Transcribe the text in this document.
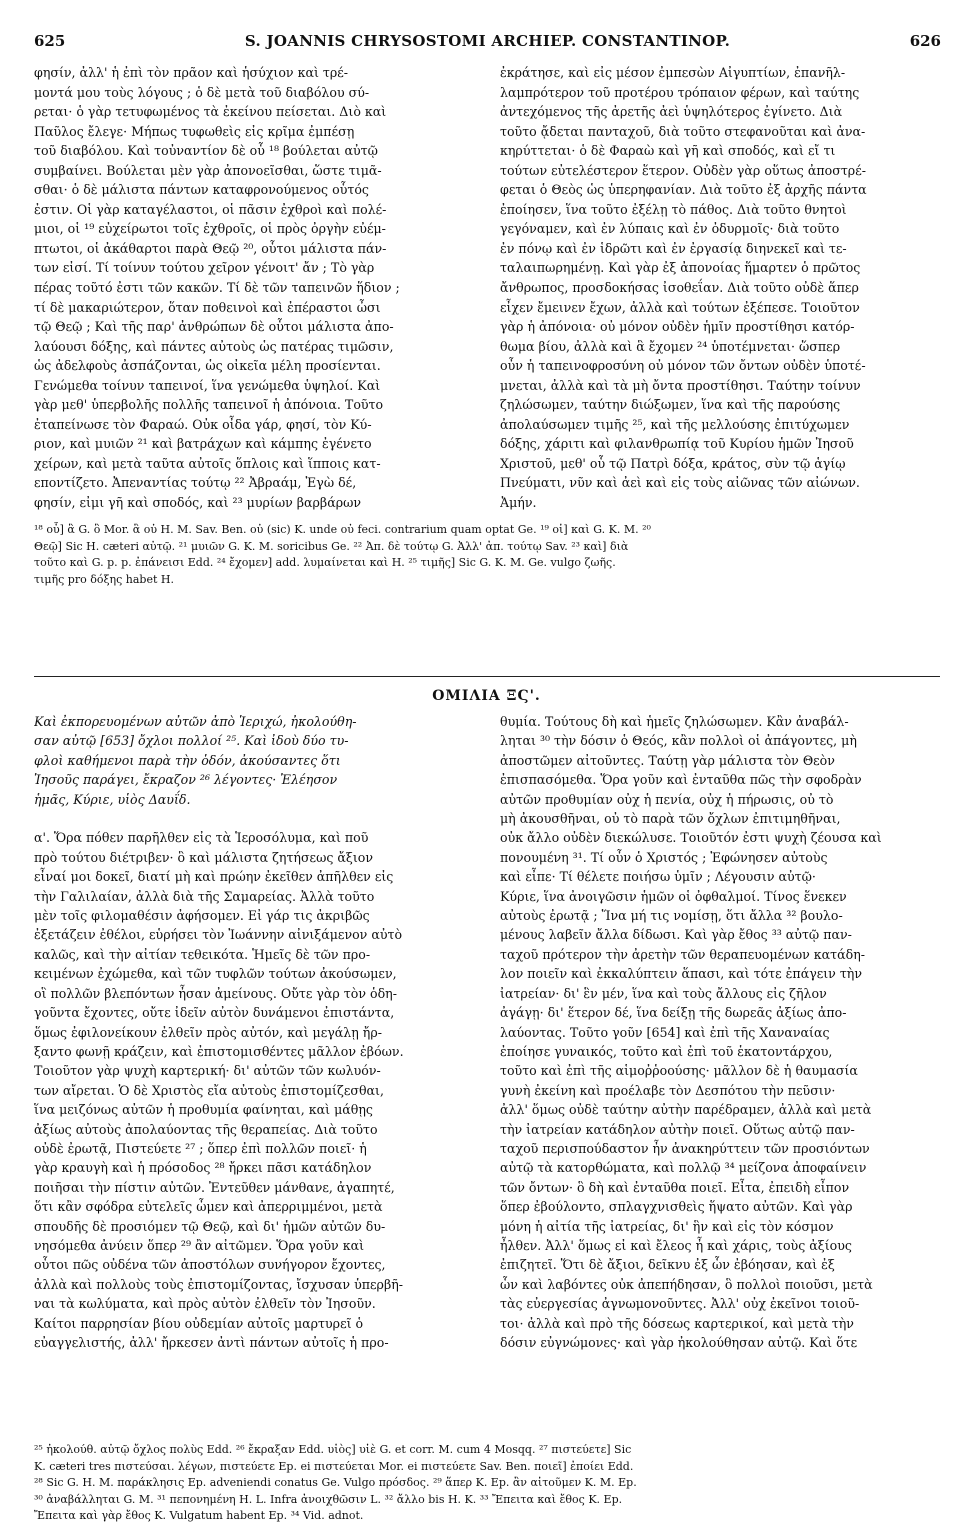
625	S. JOANNIS CHRYSOSTOMI ARCHIEP. CONSTANTINOP.	626

φησίν, ἀλλ' ἡ ἐπὶ τὸν πρᾶον καὶ ἡσύχιον καὶ τρέ-

μοντά μου τοὺς λόγους ; ὁ δὲ μετὰ τοῦ διαβόλου σύ-

ρεται· ὁ γὰρ τετυφωμένος τὰ ἐκείνου πείσεται. Διὸ καὶ

Παῦλος ἔλεγε· Μήπως τυφωθεὶς εἰς κρῖμα ἐμπέσῃ

τοῦ διαβόλου. Καὶ τοὐναντίον δὲ οὗ ¹⁸ βούλεται αὐτῷ

συμβαίνει. Βούλεται μὲν γὰρ ἀπονοεῖσθαι, ὥστε τιμᾶ-

σθαι· ὁ δὲ μάλιστα πάντων καταφρονούμενος οὗτός

ἐστιν. Οἱ γὰρ καταγέλαστοι, οἱ πᾶσιν ἐχθροὶ καὶ πολέ-

μιοι, οἱ ¹⁹ εὐχείρωτοι τοῖς ἐχθροῖς, οἱ πρὸς ὀργὴν εὐέμ-

πτωτοι, οἱ ἀκάθαρτοι παρὰ Θεῷ ²⁰, οὗτοι μάλιστα πάν-

των εἰσί. Τί τοίνυν τούτου χεῖρον γένοιτ' ἄν ; Τὸ γὰρ

πέρας τοῦτό ἐστι τῶν κακῶν. Τί δὲ τῶν ταπεινῶν ἥδιον ;

τί δὲ μακαριώτερον, ὅταν ποθεινοὶ καὶ ἐπέραστοι ὦσι

τῷ Θεῷ ; Καὶ τῆς παρ' ἀνθρώπων δὲ οὗτοι μάλιστα ἀπο-

λαύουσι δόξης, καὶ πάντες αὐτοὺς ὡς πατέρας τιμῶσιν,

ὡς ἀδελφοὺς ἀσπάζονται, ὡς οἰκεῖα μέλη προσίενται.

Γενώμεθα τοίνυν ταπεινοί, ἵνα γενώμεθα ὑψηλοί. Καὶ

γὰρ μεθ' ὑπερβολῆς πολλῆς ταπεινοῖ ἡ ἀπόνοια. Τοῦτο

ἐταπείνωσε τὸν Φαραώ. Οὐκ οἶδα γάρ, φησί, τὸν Κύ-

ριον, καὶ μυιῶν ²¹ καὶ βατράχων καὶ κάμπης ἐγένετο

χείρων, καὶ μετὰ ταῦτα αὐτοῖς ὅπλοις καὶ ἵπποις κατ-

εποντίζετο. Ἀπεναντίας τούτῳ ²² Ἀβραάμ, Ἐγὼ δέ,

φησίν, εἰμι γῆ καὶ σποδός, καὶ ²³ μυρίων βαρβάρων

ἐκράτησε, καὶ εἰς μέσον ἐμπεσὼν Αἰγυπτίων, ἐπανῆλ-

λαμπρότερον τοῦ προτέρου τρόπαιον φέρων, καὶ ταύτης

ἀντεχόμενος τῆς ἀρετῆς ἀεὶ ὑψηλότερος ἐγίνετο. Διὰ

τοῦτο ᾄδεται πανταχοῦ, διὰ τοῦτο στεφανοῦται καὶ ἀνα-

κηρύττεται· ὁ δὲ Φαραὼ καὶ γῆ καὶ σποδός, καὶ εἴ τι

τούτων εὐτελέστερον ἕτερον. Οὐδὲν γὰρ οὕτως ἀποστρέ-

φεται ὁ Θεὸς ὡς ὑπερηφανίαν. Διὰ τοῦτο ἐξ ἀρχῆς πάντα

ἐποίησεν, ἵνα τοῦτο ἐξέλῃ τὸ πάθος. Διὰ τοῦτο θνητοὶ

γεγόναμεν, καὶ ἐν λύπαις καὶ ἐν ὀδυρμοῖς· διὰ τοῦτο

ἐν πόνῳ καὶ ἐν ἱδρῶτι καὶ ἐν ἐργασίᾳ διηνεκεῖ καὶ τε-

ταλαιπωρημένῃ. Καὶ γὰρ ἐξ ἀπονοίας ἥμαρτεν ὁ πρῶτος

ἄνθρωπος, προσδοκήσας ἰσοθεΐαν. Διὰ τοῦτο οὐδὲ ἅπερ

εἶχεν ἔμεινεν ἔχων, ἀλλὰ καὶ τούτων ἐξέπεσε. Τοιοῦτον

γὰρ ἡ ἀπόνοια· οὐ μόνον οὐδὲν ἡμῖν προστίθησι κατόρ-

θωμα βίου, ἀλλὰ καὶ ἃ ἔχομεν ²⁴ ὑποτέμνεται· ὥσπερ

οὖν ἡ ταπεινοφροσύνη οὐ μόνον τῶν ὄντων οὐδὲν ὑποτέ-

μνεται, ἀλλὰ καὶ τὰ μὴ ὄντα προστίθησι. Ταύτην τοίνυν

ζηλώσωμεν, ταύτην διώξωμεν, ἵνα καὶ τῆς παρούσης

ἀπολαύσωμεν τιμῆς ²⁵, καὶ τῆς μελλούσης ἐπιτύχωμεν

δόξης, χάριτι καὶ φιλανθρωπίᾳ τοῦ Κυρίου ἡμῶν Ἰησοῦ

Χριστοῦ, μεθ' οὗ τῷ Πατρὶ δόξα, κράτος, σὺν τῷ ἁγίῳ

Πνεύματι, νῦν καὶ ἀεὶ καὶ εἰς τοὺς αἰῶνας τῶν αἰώνων.

Ἀμήν.

¹⁸ οὗ] ἃ G. ὃ Mor. ἃ οὐ H. M. Sav. Ben. οὐ (sic) K. unde οὐ feci. contrarium quam optat Ge. ¹⁹ οἱ] καὶ G. K. M. ²⁰

Θεῷ] Sic H. cæteri αὐτῷ. ²¹ μυιῶν G. K. M. soricibus Ge. ²² Ἀπ. δὲ τούτῳ G. Ἀλλ' ἀπ. τούτῳ Sav. ²³ καὶ] διὰ

τοῦτο καὶ G. p. p. ἐπάνεισι Edd. ²⁴ ἔχομεν] add. λυμαίνεται καὶ H. ²⁵ τιμῆς] Sic G. K. M. Ge. vulgo ζωῆς.

τιμῆς pro δόξης habet H.

ΟΜΙΛΙΑ ΞϚ'.

Καὶ ἐκπορευομένων αὐτῶν ἀπὸ Ἱεριχώ, ἠκολούθη-

σαν αὐτῷ [653] ὄχλοι πολλοί ²⁵. Καὶ ἰδοὺ δύο τυ-

φλοὶ καθήμενοι παρὰ τὴν ὁδόν, ἀκούσαντες ὅτι

Ἰησοῦς παράγει, ἔκραζον ²⁶ λέγοντες· Ἐλέησον

ἡμᾶς, Κύριε, υἱὸς Δαυΐδ.

α'. Ὅρα πόθεν παρῆλθεν εἰς τὰ Ἱεροσόλυμα, καὶ ποῦ

πρὸ τούτου διέτριβεν· ὃ καὶ μάλιστα ζητήσεως ἄξιον

εἶναί μοι δοκεῖ, διατί μὴ καὶ πρώην ἐκεῖθεν ἀπῆλθεν εἰς

τὴν Γαλιλαίαν, ἀλλὰ διὰ τῆς Σαμαρείας. Ἀλλὰ τοῦτο

μὲν τοῖς φιλομαθέσιν ἀφήσομεν. Εἰ γάρ τις ἀκριβῶς

ἐξετάζειν ἐθέλοι, εὑρήσει τὸν Ἰωάννην αἰνιξάμενον αὐτὸ

καλῶς, καὶ τὴν αἰτίαν τεθεικότα. Ἡμεῖς δὲ τῶν προ-

κειμένων ἐχώμεθα, καὶ τῶν τυφλῶν τούτων ἀκούσωμεν,

οἳ πολλῶν βλεπόντων ἦσαν ἀμείνους. Οὔτε γὰρ τὸν ὁδη-

γοῦντα ἔχοντες, οὔτε ἰδεῖν αὐτὸν δυνάμενοι ἐπιστάντα,

ὅμως ἐφιλονείκουν ἐλθεῖν πρὸς αὐτόν, καὶ μεγάλῃ ἤρ-

ξαντο φωνῇ κράζειν, καὶ ἐπιστομισθέντες μᾶλλον ἐβόων.

Τοιοῦτον γὰρ ψυχὴ καρτερική· δι' αὐτῶν τῶν κωλυόν-

των αἴρεται. Ὁ δὲ Χριστὸς εἴα αὐτοὺς ἐπιστομίζεσθαι,

ἵνα μειζόνως αὐτῶν ἡ προθυμία φαίνηται, καὶ μάθῃς

ἀξίως αὐτοὺς ἀπολαύοντας τῆς θεραπείας. Διὰ τοῦτο

οὐδὲ ἐρωτᾷ, Πιστεύετε ²⁷ ; ὅπερ ἐπὶ πολλῶν ποιεῖ· ἡ

γὰρ κραυγὴ καὶ ἡ πρόσοδος ²⁸ ἤρκει πᾶσι κατάδηλον

ποιῆσαι τὴν πίστιν αὐτῶν. Ἐντεῦθεν μάνθανε, ἀγαπητέ,

ὅτι κἂν σφόδρα εὐτελεῖς ὦμεν καὶ ἀπερριμμένοι, μετὰ

σπουδῆς δὲ προσιόμεν τῷ Θεῷ, καὶ δι' ἡμῶν αὐτῶν δυ-

νησόμεθα ἀνύειν ὅπερ ²⁹ ἂν αἰτῶμεν. Ὅρα γοῦν καὶ

οὗτοι πῶς οὐδένα τῶν ἀποστόλων συνήγορον ἔχοντες,

ἀλλὰ καὶ πολλοὺς τοὺς ἐπιστομίζοντας, ἴσχυσαν ὑπερβῆ-

ναι τὰ κωλύματα, καὶ πρὸς αὐτὸν ἐλθεῖν τὸν Ἰησοῦν.

Καίτοι παρρησίαν βίου οὐδεμίαν αὐτοῖς μαρτυρεῖ ὁ

εὐαγγελιστής, ἀλλ' ἤρκεσεν ἀντὶ πάντων αὐτοῖς ἡ προ-

θυμία. Τούτους δὴ καὶ ἡμεῖς ζηλώσωμεν. Κἂν ἀναβάλ-

ληται ³⁰ τὴν δόσιν ὁ Θεός, κἂν πολλοὶ οἱ ἀπάγοντες, μὴ

ἀποστῶμεν αἰτοῦντες. Ταύτῃ γὰρ μάλιστα τὸν Θεὸν

ἐπισπασόμεθα. Ὅρα γοῦν καὶ ἐνταῦθα πῶς τὴν σφοδρὰν

αὐτῶν προθυμίαν οὐχ ἡ πενία, οὐχ ἡ πήρωσις, οὐ τὸ

μὴ ἀκουσθῆναι, οὐ τὸ παρὰ τῶν ὄχλων ἐπιτιμηθῆναι,

οὐκ ἄλλο οὐδὲν διεκώλυσε. Τοιοῦτόν ἐστι ψυχὴ ζέουσα καὶ

πονουμένη ³¹. Τί οὖν ὁ Χριστός ; Ἐφώνησεν αὐτοὺς

καὶ εἶπε· Τί θέλετε ποιήσω ὑμῖν ; Λέγουσιν αὐτῷ·

Κύριε, ἵνα ἀνοιγῶσιν ἡμῶν οἱ ὀφθαλμοί. Τίνος ἕνεκεν

αὐτοὺς ἐρωτᾷ ; Ἵνα μή τις νομίσῃ, ὅτι ἄλλα ³² βουλο-

μένους λαβεῖν ἄλλα δίδωσι. Καὶ γὰρ ἔθος ³³ αὐτῷ παν-

ταχοῦ πρότερον τὴν ἀρετὴν τῶν θεραπευομένων κατάδη-

λον ποιεῖν καὶ ἐκκαλύπτειν ἅπασι, καὶ τότε ἐπάγειν τὴν

ἰατρείαν· δι' ἓν μέν, ἵνα καὶ τοὺς ἄλλους εἰς ζῆλον

ἀγάγῃ· δι' ἕτερον δέ, ἵνα δείξῃ τῆς δωρεᾶς ἀξίως ἀπο-

λαύοντας. Τοῦτο γοῦν [654] καὶ ἐπὶ τῆς Χαναναίας

ἐποίησε γυναικός, τοῦτο καὶ ἐπὶ τοῦ ἑκατοντάρχου,

τοῦτο καὶ ἐπὶ τῆς αἱμοῤῥοούσης· μᾶλλον δὲ ἡ θαυμασία

γυνὴ ἐκείνη καὶ προέλαβε τὸν Δεσπότου τὴν πεῦσιν·

ἀλλ' ὅμως οὐδὲ ταύτην αὐτὴν παρέδραμεν, ἀλλὰ καὶ μετὰ

τὴν ἰατρείαν κατάδηλον αὐτὴν ποιεῖ. Οὕτως αὐτῷ παν-

ταχοῦ περισπούδαστον ἦν ἀνακηρύττειν τῶν προσιόντων

αὐτῷ τὰ κατορθώματα, καὶ πολλῷ ³⁴ μείζονα ἀποφαίνειν

τῶν ὄντων· ὃ δὴ καὶ ἐνταῦθα ποιεῖ. Εἶτα, ἐπειδὴ εἶπον

ὅπερ ἐβούλοντο, σπλαγχνισθεὶς ἥψατο αὐτῶν. Καὶ γὰρ

μόνη ἡ αἰτία τῆς ἰατρείας, δι' ἣν καὶ εἰς τὸν κόσμον

ἦλθεν. Ἀλλ' ὅμως εἰ καὶ ἔλεος ἦ καὶ χάρις, τοὺς ἀξίους

ἐπιζητεῖ. Ὅτι δὲ ἄξιοι, δεῖκνυ ἐξ ὧν ἐβόησαν, καὶ ἐξ

ὧν καὶ λαβόντες οὐκ ἀπεπήδησαν, ὃ πολλοὶ ποιοῦσι, μετὰ

τὰς εὐεργεσίας ἀγνωμονοῦντες. Ἀλλ' οὐχ ἐκεῖνοι τοιοῦ-

τοι· ἀλλὰ καὶ πρὸ τῆς δόσεως καρτερικοί, καὶ μετὰ τὴν

δόσιν εὐγνώμονες· καὶ γὰρ ἠκολούθησαν αὐτῷ. Καὶ ὅτε

²⁵ ἠκολούθ. αὐτῷ ὄχλος πολὺς Edd. ²⁶ ἔκραξαν Edd. υἱὸς] υἱὲ G. et corr. M. cum 4 Mosqq. ²⁷ πιστεύετε] Sic

K. cæteri tres πιστεύσαι. λέγων, πιστεύετε Ep. ei πιστεύεται Mor. ei πιστεύετε Sav. Ben. ποιεῖ] ἐποίει Edd.

²⁸ Sic G. H. M. παράκλησις Ep. adveniendi conatus Ge. Vulgo πρόσδος. ²⁹ ἅπερ K. Ep. ἂν αἰτοῦμεν K. M. Ep.

³⁰ ἀναβάλληται G. M. ³¹ πεπονημένη H. L. Infra ἀνοιχθῶσιν L. ³² ἄλλο bis H. K. ³³ Ἔπειτα καὶ ἔθος K. Ep.

Ἔπειτα καὶ γὰρ ἔθος K. Vulgatum habent Ep. ³⁴ Vid. adnot.
